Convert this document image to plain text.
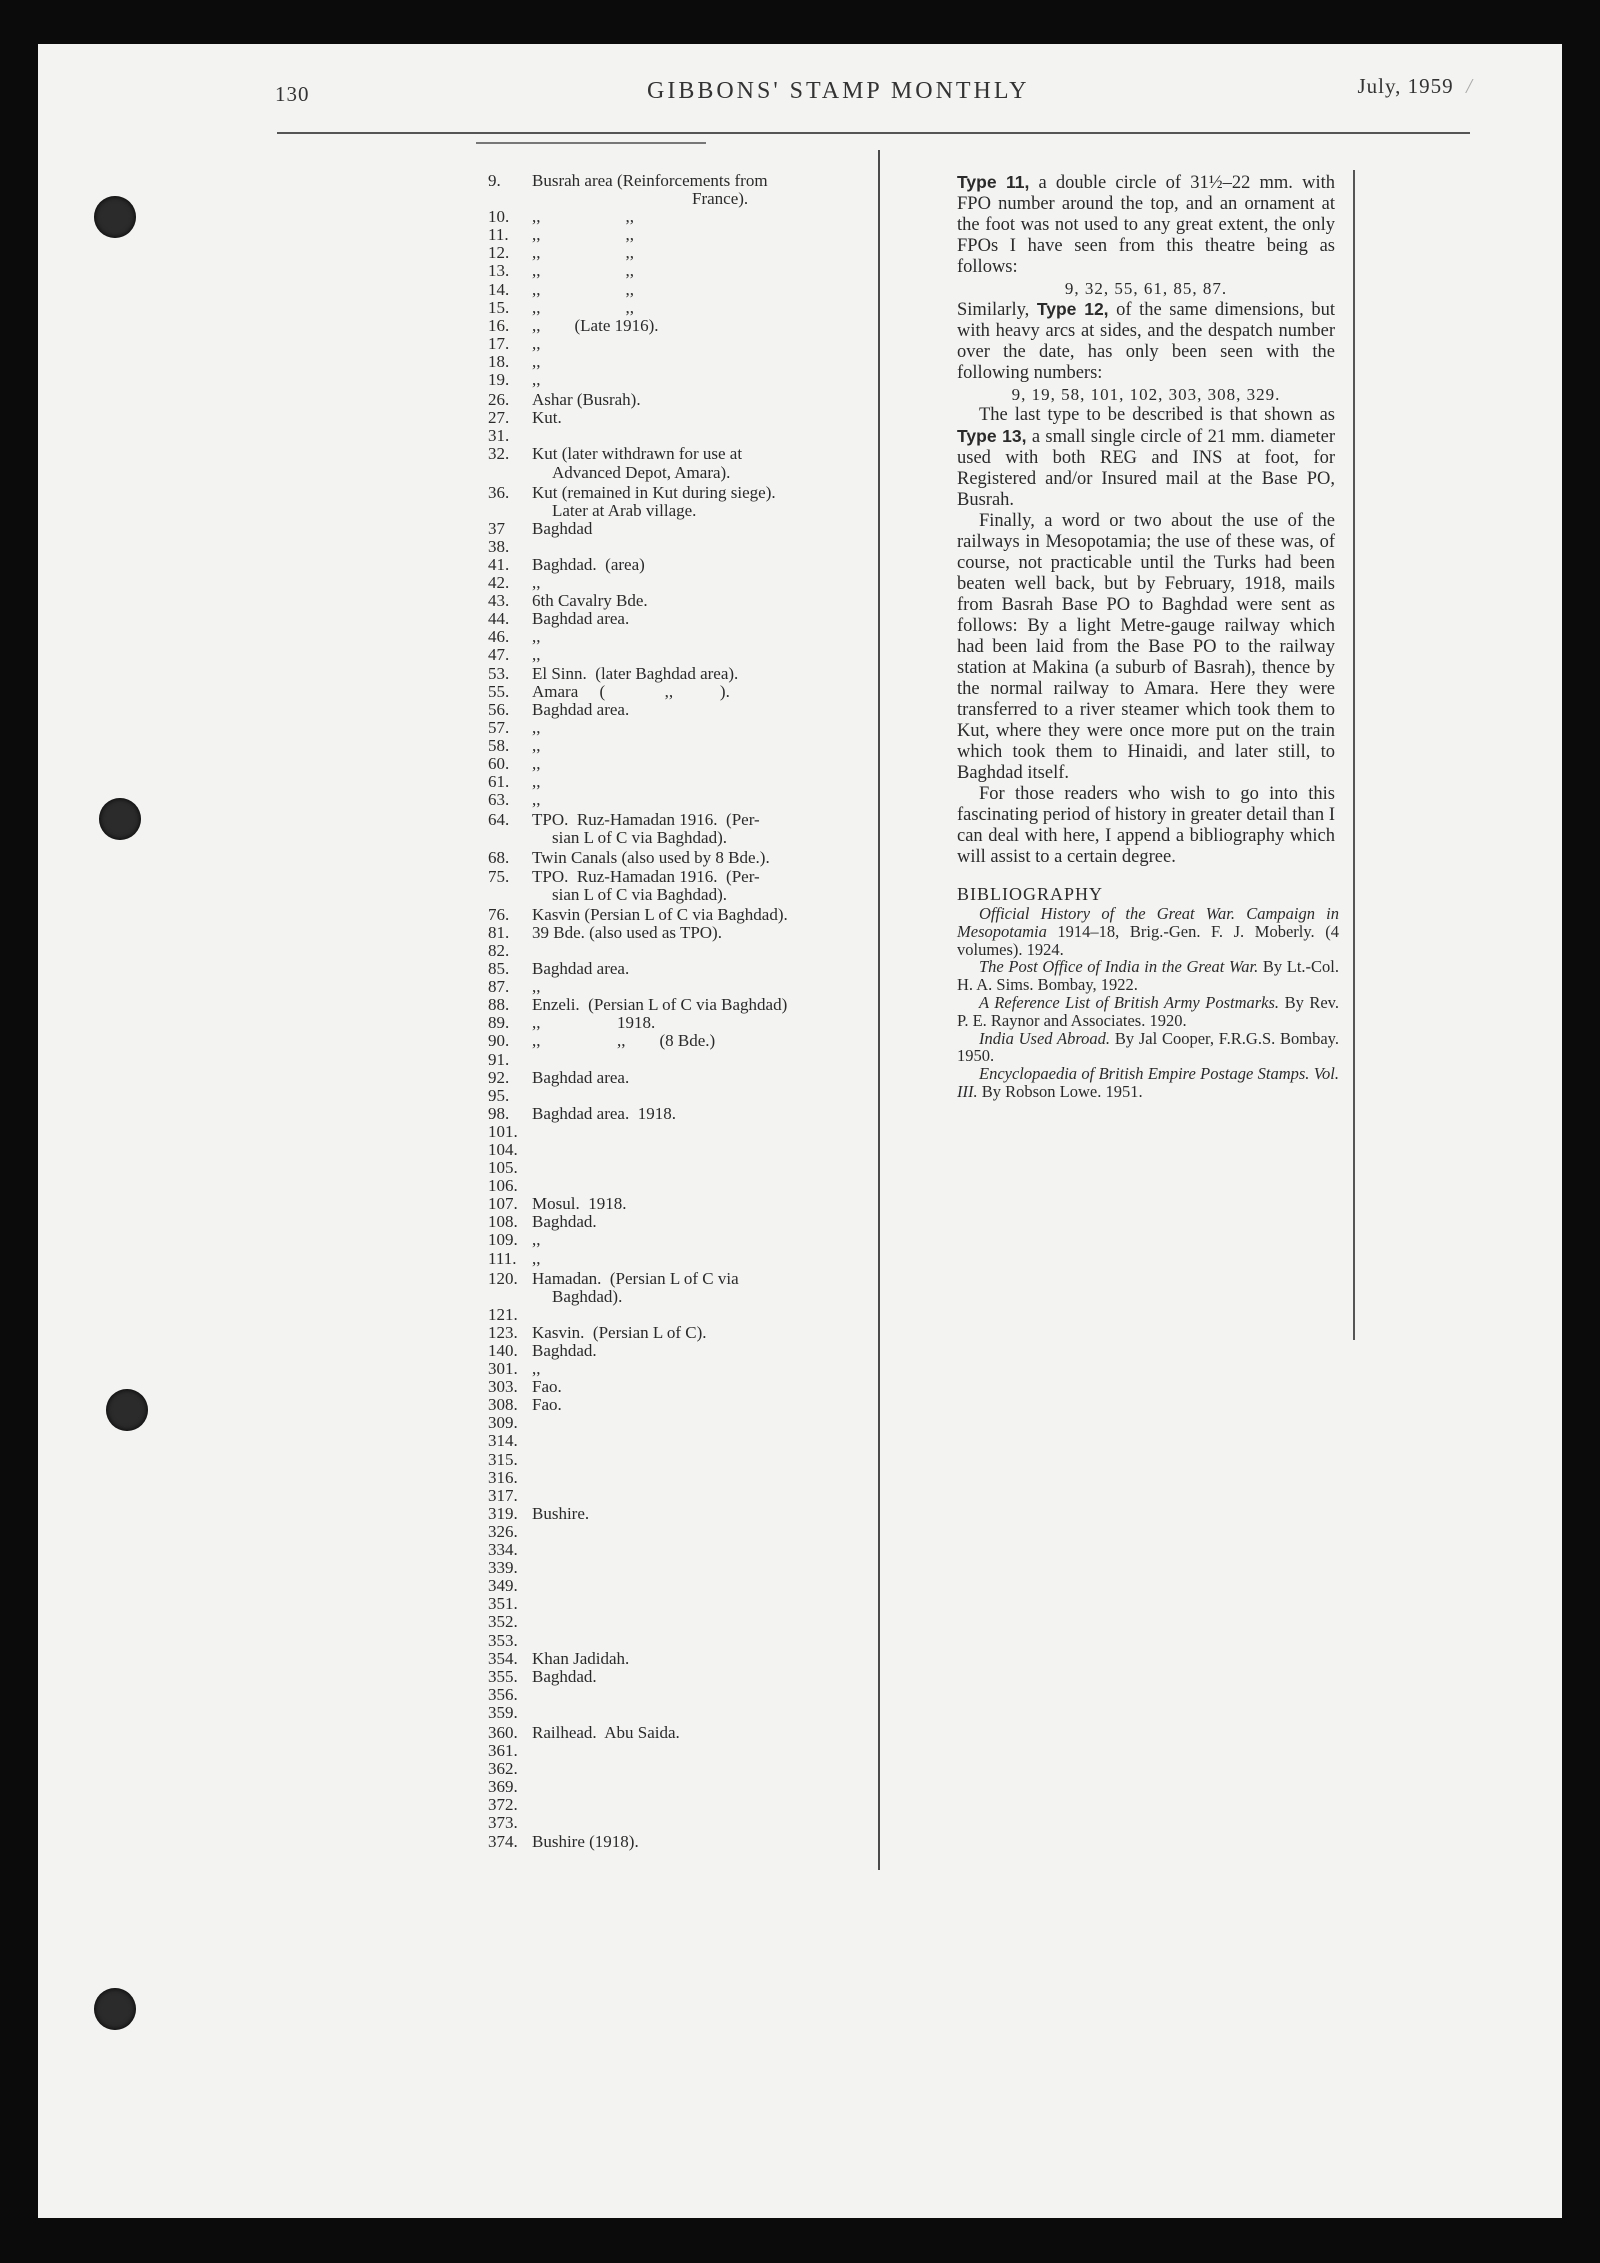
130	GIBBONS' STAMP MONTHLY	July, 1959 /
9.	Busrah area (Reinforcements from
France).
10.	,,                    ,,
11.	,,                    ,,
12.	,,                    ,,
13.	,,                    ,,
14.	,,                    ,,
15.	,,                    ,,
16.	,,        (Late 1916).
17.	,,
18.	,,
19.	,,
26.	Ashar (Busrah).
27.	Kut.
31.
32.	Kut (later withdrawn for use at
Advanced Depot, Amara).
36.	Kut (remained in Kut during siege).
Later at Arab village.
37	Baghdad
38.
41.	Baghdad.  (area)
42.	,,
43.	6th Cavalry Bde.
44.	Baghdad area.
46.	,,
47.	,,
53.	El Sinn.  (later Baghdad area).
55.	Amara     (              ,,           ).
56.	Baghdad area.
57.	,,
58.	,,
60.	,,
61.	,,
63.	,,
64.	TPO.  Ruz-Hamadan 1916.  (Per-
sian L of C via Baghdad).
68.	Twin Canals (also used by 8 Bde.).
75.	TPO.  Ruz-Hamadan 1916.  (Per-
sian L of C via Baghdad).
76.	Kasvin (Persian L of C via Baghdad).
81.	39 Bde. (also used as TPO).
82.
85.	Baghdad area.
87.	,,
88.	Enzeli.  (Persian L of C via Baghdad)
89.	,,                  1918.
90.	,,                  ,,        (8 Bde.)
91.
92.	Baghdad area.
95.
98.	Baghdad area.  1918.
101.
104.
105.
106.
107. Mosul.  1918.
108. Baghdad.
109. ,,
111. ,,
120. Hamadan.  (Persian L of C via
Baghdad).
121.
123. Kasvin.  (Persian L of C).
140. Baghdad.
301. ,,
303. Fao.
308. Fao.
309.
314.
315.
316.
317.
319. Bushire.
326.
334.
339.
349.
351.
352.
353.
354. Khan Jadidah.
355. Baghdad.
356.
359.
360. Railhead.  Abu Saida.
361.
362.
369.
372.
373.
374. Bushire (1918).

Type 11, a double circle of 31½–22 mm. with FPO number around the top, and an ornament at the foot was not used to any great extent, the only FPOs I have seen from this theatre being as follows:

9, 32, 55, 61, 85, 87.

Similarly, Type 12, of the same dimensions, but with heavy arcs at sides, and the despatch number over the date, has only been seen with the following numbers:

9, 19, 58, 101, 102, 303, 308, 329.

The last type to be described is that shown as Type 13, a small single circle of 21 mm. diameter used with both REG and INS at foot, for Registered and/or Insured mail at the Base PO, Busrah.

Finally, a word or two about the use of the railways in Mesopotamia; the use of these was, of course, not practicable until the Turks had been beaten well back, but by February, 1918, mails from Basrah Base PO to Baghdad were sent as follows: By a light Metre-gauge railway which had been laid from the Base PO to the railway station at Makina (a suburb of Basrah), thence by the normal railway to Amara. Here they were transferred to a river steamer which took them to Kut, where they were once more put on the train which took them to Hinaidi, and later still, to Baghdad itself.

For those readers who wish to go into this fascinating period of history in greater detail than I can deal with here, I append a bibliography which will assist to a certain degree.

BIBLIOGRAPHY

Official History of the Great War. Campaign in Mesopotamia 1914–18, Brig.-Gen. F. J. Moberly. (4 volumes). 1924.

The Post Office of India in the Great War. By Lt.-Col. H. A. Sims. Bombay, 1922.

A Reference List of British Army Postmarks. By Rev. P. E. Raynor and Associates. 1920.

India Used Abroad. By Jal Cooper, F.R.G.S. Bombay. 1950.

Encyclopaedia of British Empire Postage Stamps. Vol. III. By Robson Lowe. 1951.
